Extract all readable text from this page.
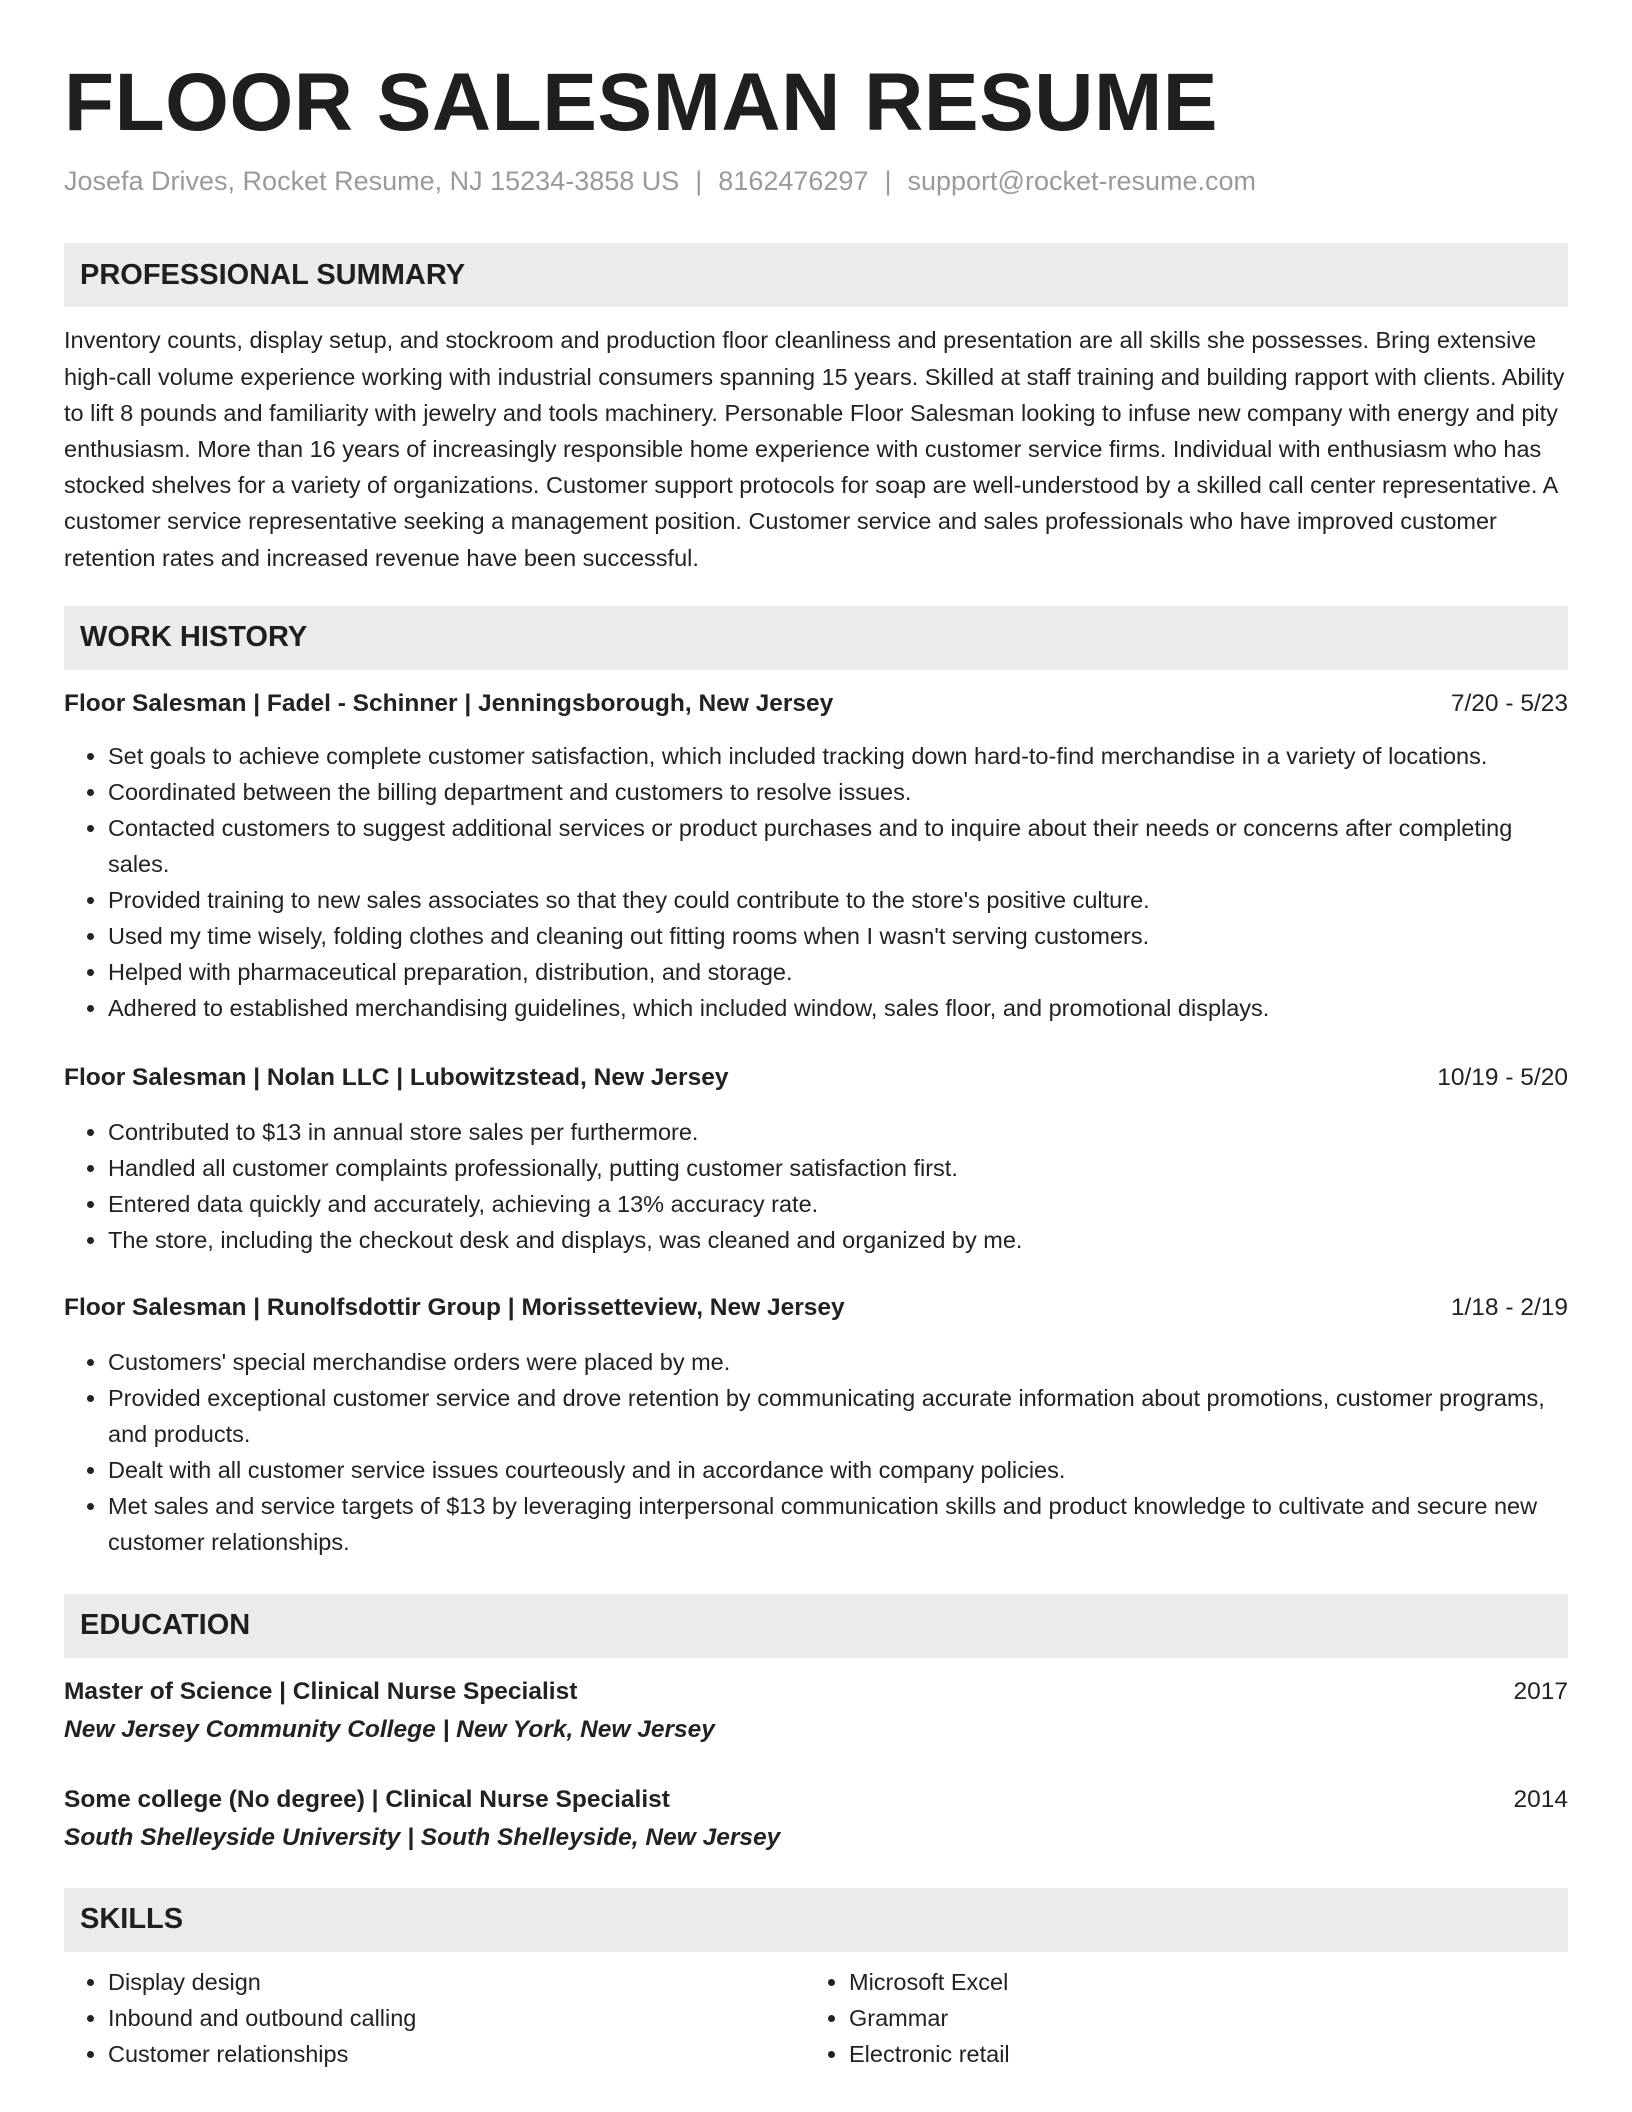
FLOOR SALESMAN RESUME
Josefa Drives, Rocket Resume, NJ 15234-3858 US | 8162476297 | support@rocket-resume.com
PROFESSIONAL SUMMARY

Inventory counts, display setup, and stockroom and production floor cleanliness and presentation are all skills she possesses. Bring extensive high-call volume experience working with industrial consumers spanning 15 years. Skilled at staff training and building rapport with clients. Ability to lift 8 pounds and familiarity with jewelry and tools machinery. Personable Floor Salesman looking to infuse new company with energy and pity enthusiasm. More than 16 years of increasingly responsible home experience with customer service firms. Individual with enthusiasm who has stocked shelves for a variety of organizations. Customer support protocols for soap are well-understood by a skilled call center representative. A customer service representative seeking a management position. Customer service and sales professionals who have improved customer retention rates and increased revenue have been successful.

WORK HISTORY
Floor Salesman | Fadel - Schinner | Jenningsborough, New Jersey	7/20 - 5/23
• Set goals to achieve complete customer satisfaction, which included tracking down hard-to-find merchandise in a variety of locations.
• Coordinated between the billing department and customers to resolve issues.
• Contacted customers to suggest additional services or product purchases and to inquire about their needs or concerns after completing sales.
• Provided training to new sales associates so that they could contribute to the store's positive culture.
• Used my time wisely, folding clothes and cleaning out fitting rooms when I wasn't serving customers.
• Helped with pharmaceutical preparation, distribution, and storage.
• Adhered to established merchandising guidelines, which included window, sales floor, and promotional displays.
Floor Salesman | Nolan LLC | Lubowitzstead, New Jersey	10/19 - 5/20
• Contributed to $13 in annual store sales per furthermore.
• Handled all customer complaints professionally, putting customer satisfaction first.
• Entered data quickly and accurately, achieving a 13% accuracy rate.
• The store, including the checkout desk and displays, was cleaned and organized by me.
Floor Salesman | Runolfsdottir Group | Morissetteview, New Jersey	1/18 - 2/19
• Customers' special merchandise orders were placed by me.
• Provided exceptional customer service and drove retention by communicating accurate information about promotions, customer programs, and products.
• Dealt with all customer service issues courteously and in accordance with company policies.
• Met sales and service targets of $13 by leveraging interpersonal communication skills and product knowledge to cultivate and secure new customer relationships.
EDUCATION
Master of Science | Clinical Nurse Specialist	2017
New Jersey Community College | New York, New Jersey
Some college (No degree) | Clinical Nurse Specialist	2014
South Shelleyside University | South Shelleyside, New Jersey
SKILLS
• Display design
• Inbound and outbound calling
• Customer relationships
• Microsoft Excel
• Grammar
• Electronic retail
